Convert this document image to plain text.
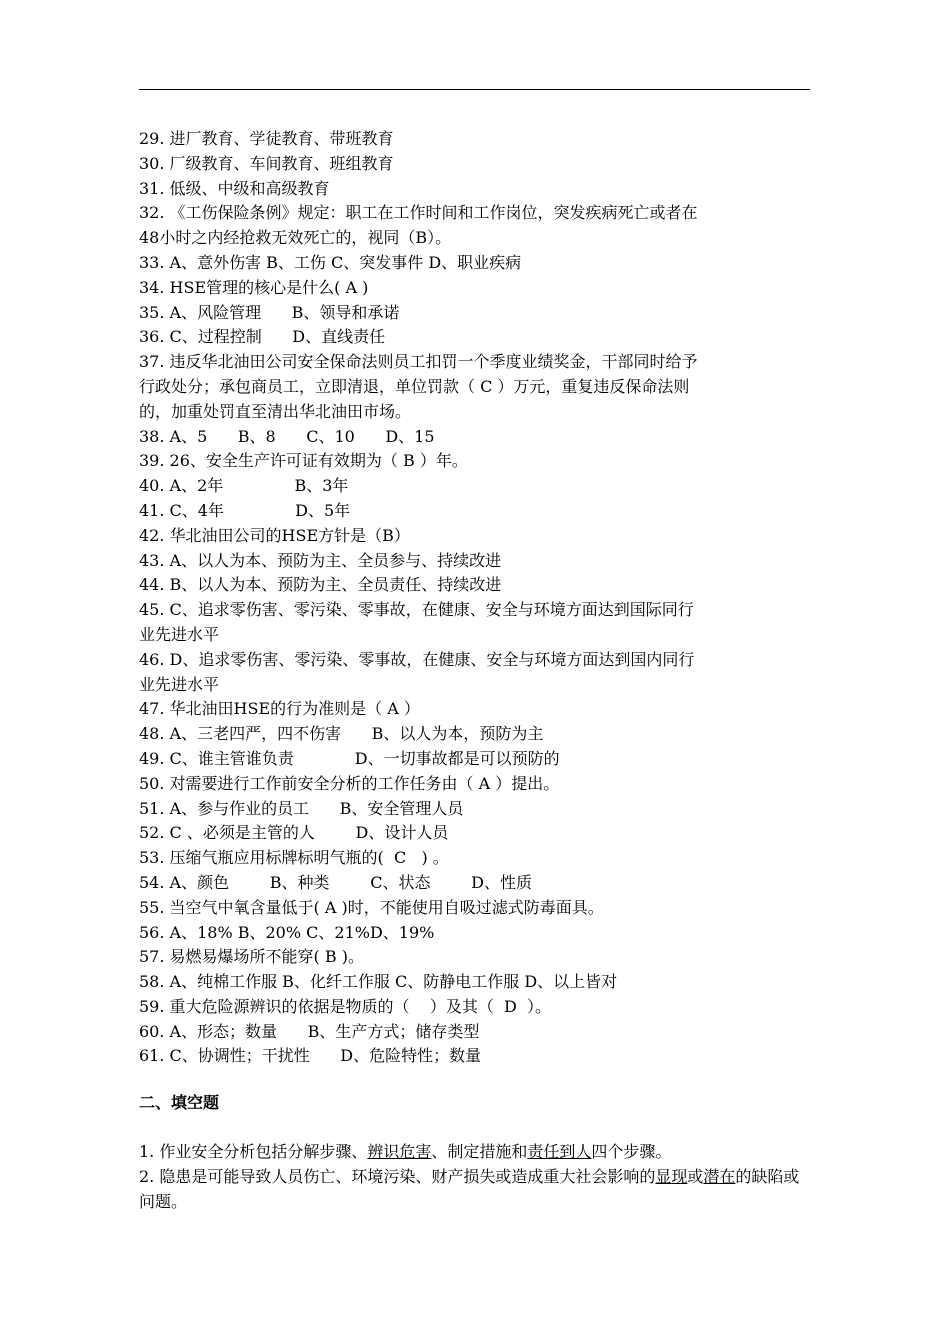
29. 进厂教育、学徒教育、带班教育
30. 厂级教育、车间教育、班组教育
31. 低级、中级和高级教育
32. 《工伤保险条例》规定：职工在工作时间和工作岗位，突发疾病死亡或者在
48小时之内经抢救无效死亡的，视同（B）。
33. A、意外伤害 B、工伤 C、突发事件 D、职业疾病
34. HSE管理的核心是什么( A )
35. A、风险管理      B、领导和承诺
36. C、过程控制      D、直线责任
37. 违反华北油田公司安全保命法则员工扣罚一个季度业绩奖金，干部同时给予
行政处分；承包商员工，立即清退，单位罚款（ C ）万元，重复违反保命法则
的，加重处罚直至清出华北油田市场。
38. A、5      B、8      C、10      D、15
39. 26、安全生产许可证有效期为（ B ）年。
40. A、2年              B、3年
41. C、4年              D、5年
42. 华北油田公司的HSE方针是（B）
43. A、以人为本、预防为主、全员参与、持续改进
44. B、以人为本、预防为主、全员责任、持续改进
45. C、追求零伤害、零污染、零事故，在健康、安全与环境方面达到国际同行
业先进水平
46. D、追求零伤害、零污染、零事故，在健康、安全与环境方面达到国内同行
业先进水平
47. 华北油田HSE的行为准则是（ A ）
48. A、三老四严，四不伤害      B、以人为本，预防为主
49. C、谁主管谁负责            D、一切事故都是可以预防的
50. 对需要进行工作前安全分析的工作任务由（ A ）提出。
51. A、参与作业的员工      B、安全管理人员
52. C 、必须是主管的人        D、设计人员
53. 压缩气瓶应用标牌标明气瓶的(  C   ) 。
54. A、颜色        B、种类        C、状态        D、性质
55. 当空气中氧含量低于( A )时，不能使用自吸过滤式防毒面具。
56. A、18% B、20% C、21%D、19%
57. 易燃易爆场所不能穿( B )。
58. A、纯棉工作服 B、化纤工作服 C、防静电工作服 D、以上皆对
59. 重大危险源辨识的依据是物质的（    ）及其（  D  ）。
60. A、形态；数量      B、生产方式；储存类型
61. C、协调性；干扰性      D、危险特性；数量
二、填空题

1. 作业安全分析包括分解步骤、辨识危害、制定措施和责任到人四个步骤。

2. 隐患是可能导致人员伤亡、环境污染、财产损失或造成重大社会影响的显现或潜在的缺陷或问题。
